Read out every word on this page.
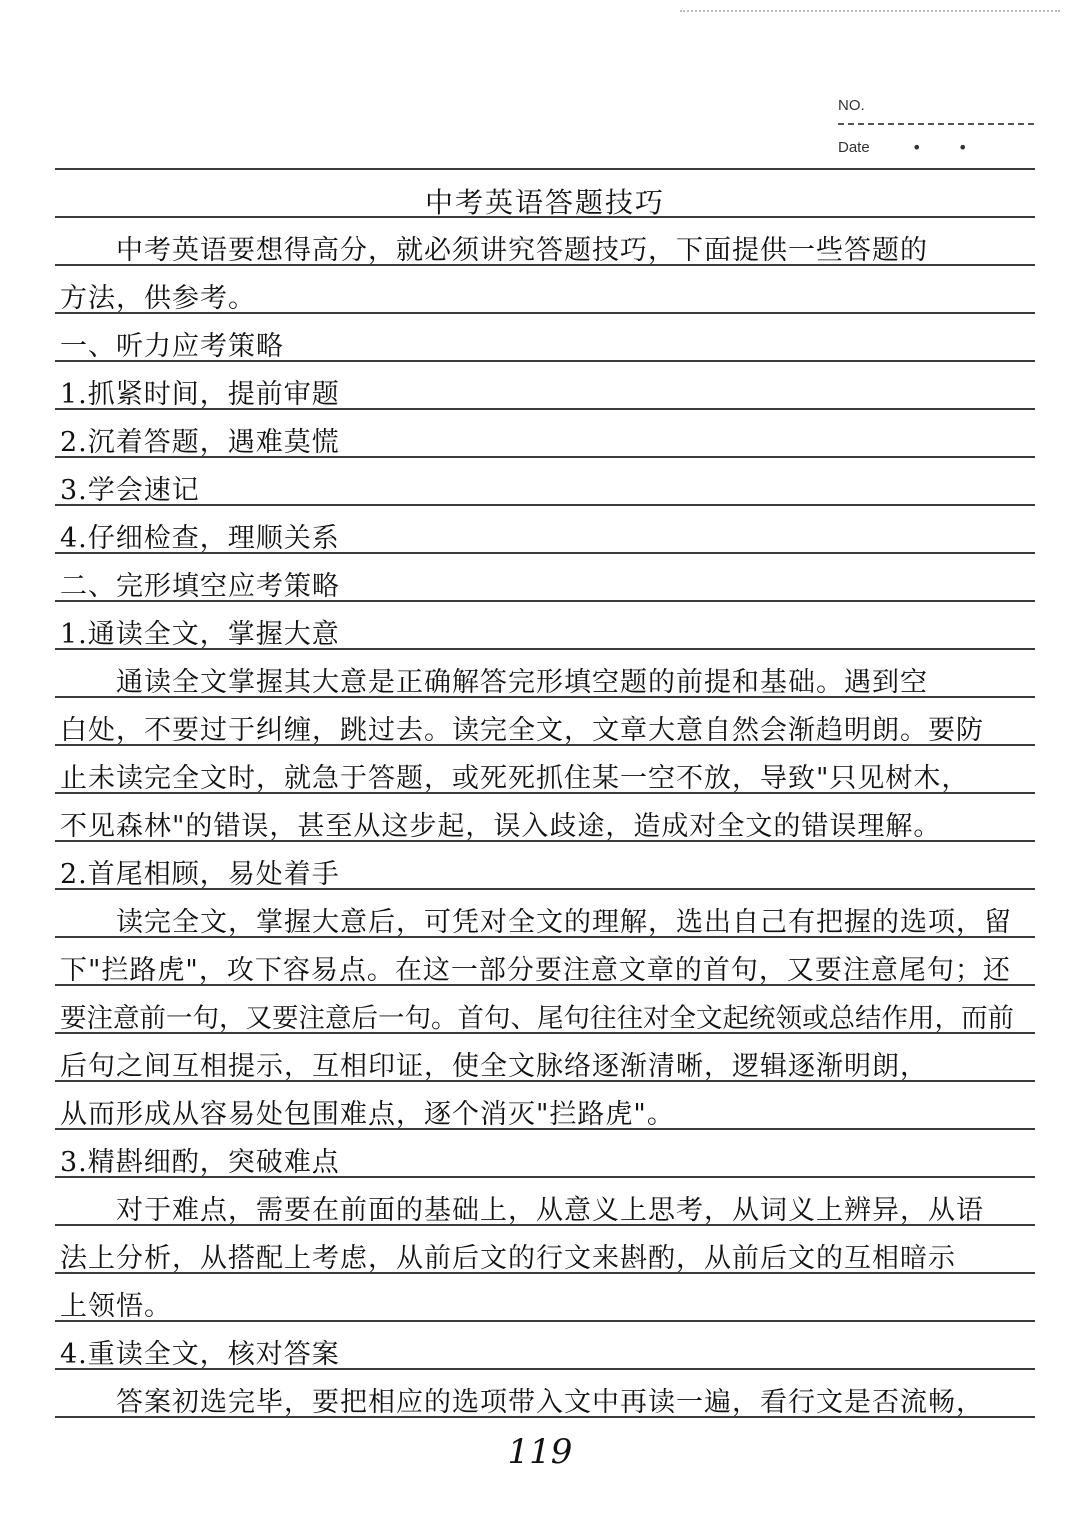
NO.
Date	• •
中考英语答题技巧
　　中考英语要想得高分，就必须讲究答题技巧，下面提供一些答题的
方法，供参考。
一、听力应考策略
1.抓紧时间，提前审题
2.沉着答题，遇难莫慌
3.学会速记
4.仔细检查，理顺关系
二、完形填空应考策略
1.通读全文，掌握大意
　　通读全文掌握其大意是正确解答完形填空题的前提和基础。遇到空
白处，不要过于纠缠，跳过去。读完全文，文章大意自然会渐趋明朗。要防
止未读完全文时，就急于答题，或死死抓住某一空不放，导致"只见树木，
不见森林"的错误，甚至从这步起，误入歧途，造成对全文的错误理解。
2.首尾相顾，易处着手
　　读完全文，掌握大意后，可凭对全文的理解，选出自己有把握的选项，留
下"拦路虎"，攻下容易点。在这一部分要注意文章的首句，又要注意尾句；还
要注意前一句，又要注意后一句。首句、尾句往往对全文起统领或总结作用，而前
后句之间互相提示，互相印证，使全文脉络逐渐清晰，逻辑逐渐明朗，
从而形成从容易处包围难点，逐个消灭"拦路虎"。
3.精斟细酌，突破难点
　　对于难点，需要在前面的基础上，从意义上思考，从词义上辨异，从语
法上分析，从搭配上考虑，从前后文的行文来斟酌，从前后文的互相暗示
上领悟。
4.重读全文，核对答案
　　答案初选完毕，要把相应的选项带入文中再读一遍，看行文是否流畅，
119
